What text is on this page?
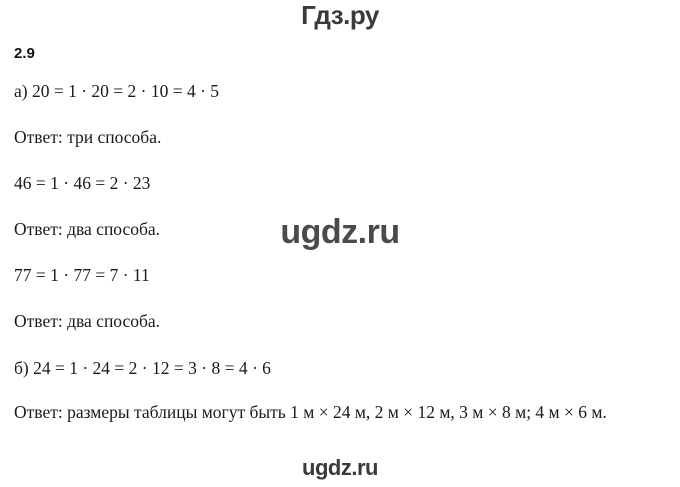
Гдз.ру
2.9
а) 20 = 1 · 20 = 2 · 10 = 4 · 5
Ответ: три способа.
46 = 1 · 46 = 2 · 23
Ответ: два способа.
77 = 1 · 77 = 7 · 11
Ответ: два способа.
б) 24 = 1 · 24 = 2 · 12 = 3 · 8 = 4 · 6
Ответ: размеры таблицы могут быть 1 м × 24 м, 2 м × 12 м, 3 м × 8 м; 4 м × 6 м.
ugdz.ru
ugdz.ru
